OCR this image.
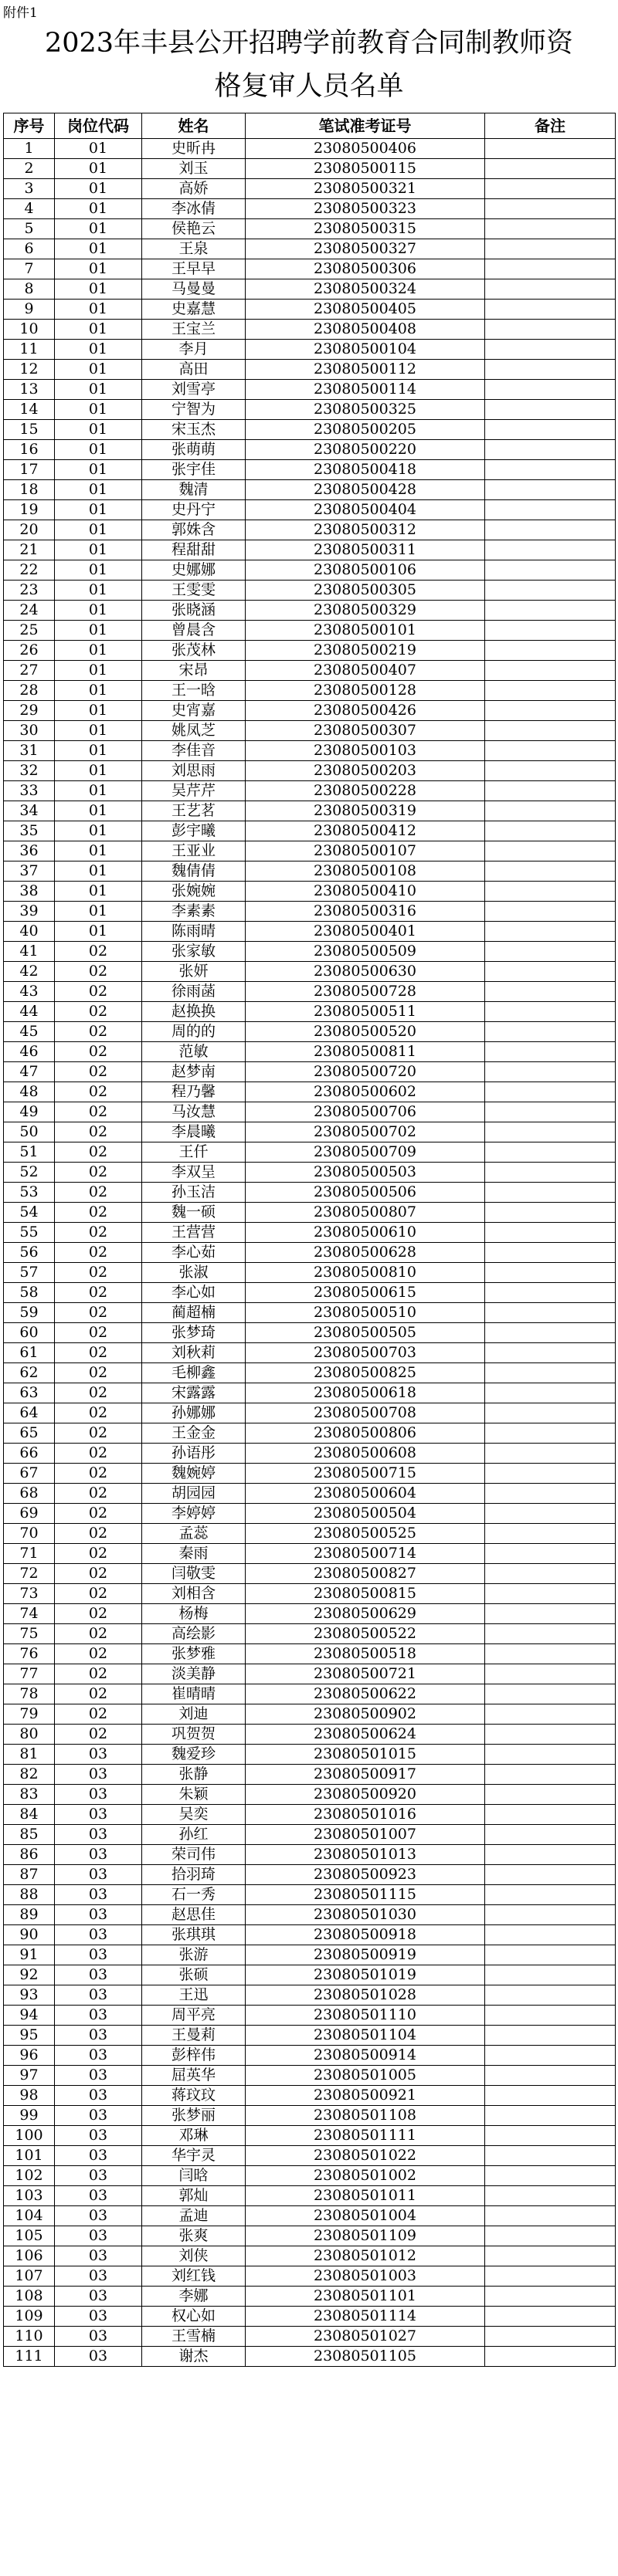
附件1
2023年丰县公开招聘学前教育合同制教师资
格复审人员名单
序号	岗位代码	姓名	笔试准考证号	备注
1	01	史昕冉	23080500406	
2	01	刘玉	23080500115	
3	01	高娇	23080500321	
4	01	李冰倩	23080500323	
5	01	侯艳云	23080500315	
6	01	王泉	23080500327	
7	01	王早早	23080500306	
8	01	马曼曼	23080500324	
9	01	史嘉慧	23080500405	
10	01	王宝兰	23080500408	
11	01	李月	23080500104	
12	01	高田	23080500112	
13	01	刘雪亭	23080500114	
14	01	宁智为	23080500325	
15	01	宋玉杰	23080500205	
16	01	张萌萌	23080500220	
17	01	张宇佳	23080500418	
18	01	魏清	23080500428	
19	01	史丹宁	23080500404	
20	01	郭姝含	23080500312	
21	01	程甜甜	23080500311	
22	01	史娜娜	23080500106	
23	01	王雯雯	23080500305	
24	01	张晓涵	23080500329	
25	01	曾晨含	23080500101	
26	01	张茂林	23080500219	
27	01	宋昂	23080500407	
28	01	王一晗	23080500128	
29	01	史宵嘉	23080500426	
30	01	姚凤芝	23080500307	
31	01	李佳音	23080500103	
32	01	刘思雨	23080500203	
33	01	吴芹芹	23080500228	
34	01	王艺茗	23080500319	
35	01	彭宇曦	23080500412	
36	01	王亚业	23080500107	
37	01	魏倩倩	23080500108	
38	01	张婉婉	23080500410	
39	01	李素素	23080500316	
40	01	陈雨晴	23080500401	
41	02	张家敏	23080500509	
42	02	张妍	23080500630	
43	02	徐雨菡	23080500728	
44	02	赵换换	23080500511	
45	02	周的的	23080500520	
46	02	范敏	23080500811	
47	02	赵梦南	23080500720	
48	02	程乃馨	23080500602	
49	02	马汝慧	23080500706	
50	02	李晨曦	23080500702	
51	02	王仟	23080500709	
52	02	李双呈	23080500503	
53	02	孙玉洁	23080500506	
54	02	魏一硕	23080500807	
55	02	王营营	23080500610	
56	02	李心茹	23080500628	
57	02	张淑	23080500810	
58	02	李心如	23080500615	
59	02	蔺超楠	23080500510	
60	02	张梦琦	23080500505	
61	02	刘秋莉	23080500703	
62	02	毛柳鑫	23080500825	
63	02	宋露露	23080500618	
64	02	孙娜娜	23080500708	
65	02	王金金	23080500806	
66	02	孙语彤	23080500608	
67	02	魏婉婷	23080500715	
68	02	胡园园	23080500604	
69	02	李婷婷	23080500504	
70	02	孟蕊	23080500525	
71	02	秦雨	23080500714	
72	02	闫敬雯	23080500827	
73	02	刘相含	23080500815	
74	02	杨梅	23080500629	
75	02	高绘影	23080500522	
76	02	张梦雅	23080500518	
77	02	淡美静	23080500721	
78	02	崔晴晴	23080500622	
79	02	刘迪	23080500902	
80	02	巩贺贺	23080500624	
81	03	魏爱珍	23080501015	
82	03	张静	23080500917	
83	03	朱颖	23080500920	
84	03	吴奕	23080501016	
85	03	孙红	23080501007	
86	03	荣司伟	23080501013	
87	03	拾羽琦	23080500923	
88	03	石一秀	23080501115	
89	03	赵思佳	23080501030	
90	03	张琪琪	23080500918	
91	03	张游	23080500919	
92	03	张硕	23080501019	
93	03	王迅	23080501028	
94	03	周平亮	23080501110	
95	03	王曼莉	23080501104	
96	03	彭梓伟	23080500914	
97	03	屈英华	23080501005	
98	03	蒋玟玟	23080500921	
99	03	张梦丽	23080501108	
100	03	邓琳	23080501111	
101	03	华宇灵	23080501022	
102	03	闫晗	23080501002	
103	03	郭灿	23080501011	
104	03	孟迪	23080501004	
105	03	张爽	23080501109	
106	03	刘侠	23080501012	
107	03	刘红钱	23080501003	
108	03	李娜	23080501101	
109	03	权心如	23080501114	
110	03	王雪楠	23080501027	
111	03	谢杰	23080501105	
